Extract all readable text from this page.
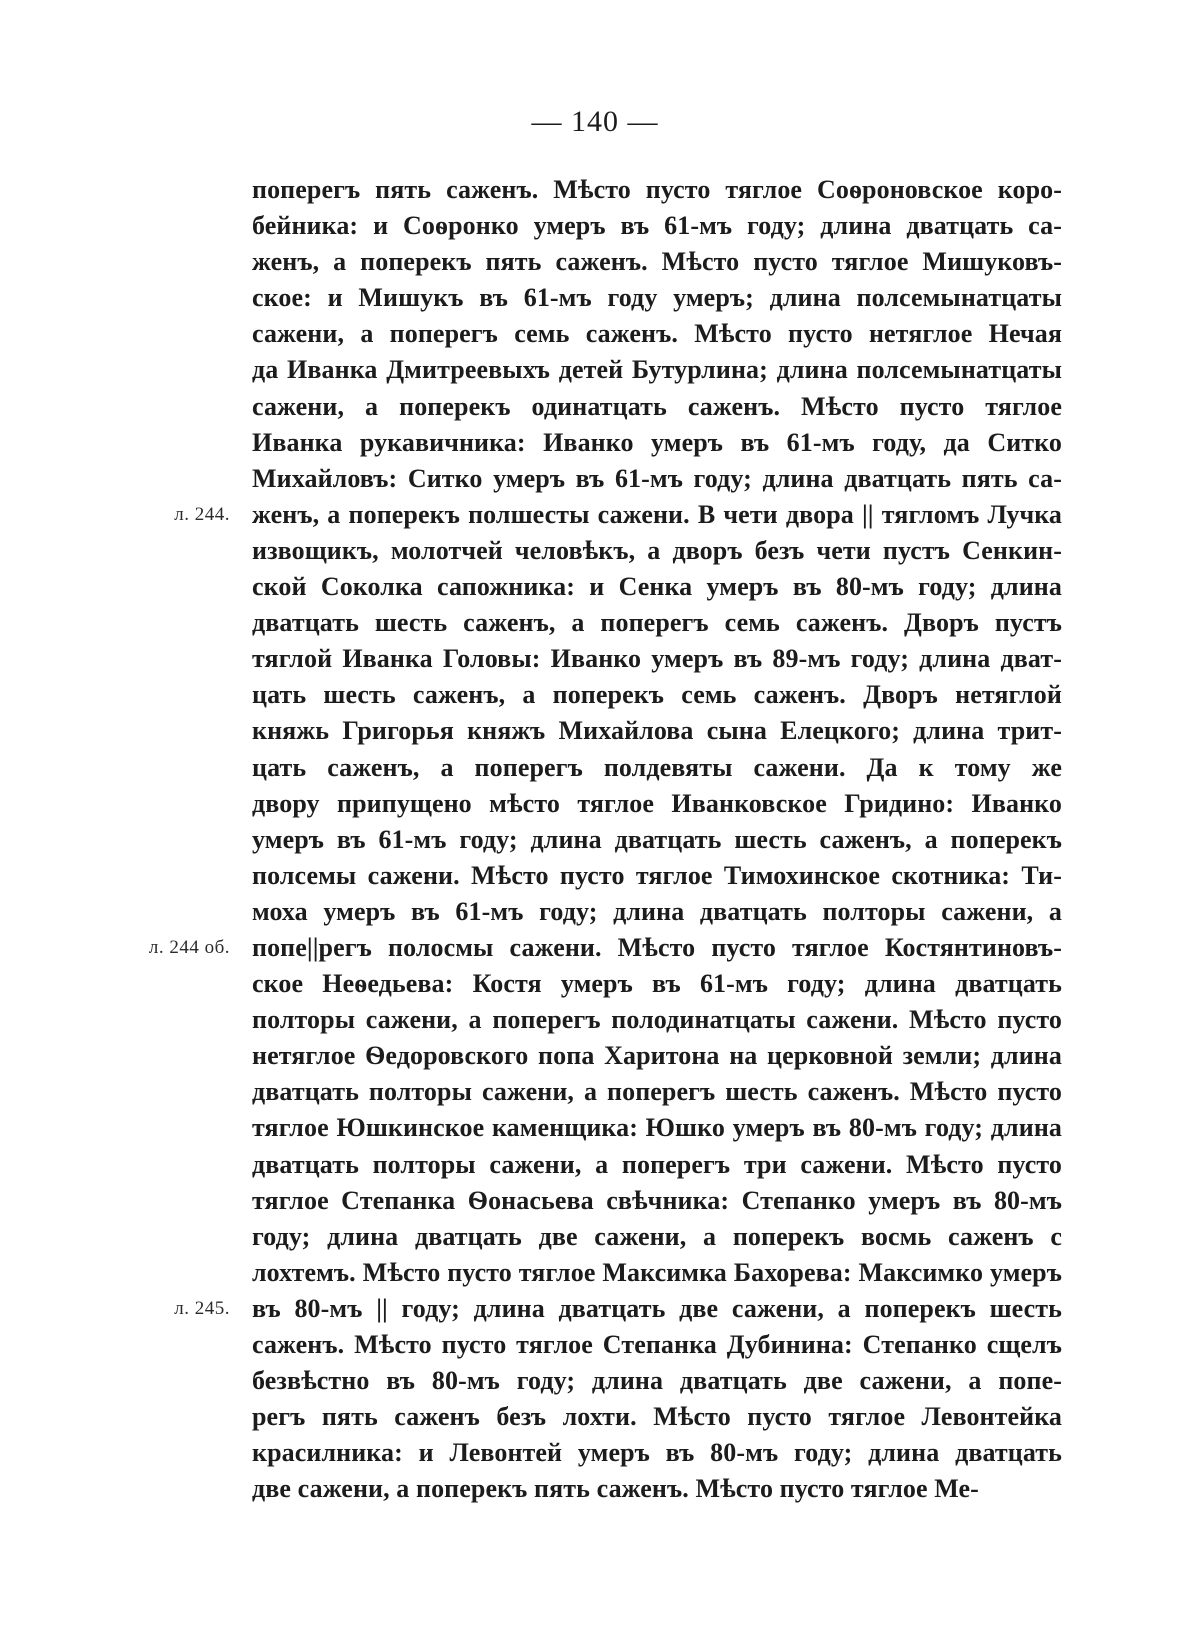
— 140 —
поперегъ пять саженъ. Мѣсто пусто тяглое Соѳроновское коро-
бейника: и Соѳронко умеръ въ 61-мъ году; длина дватцать са-
женъ, а поперекъ пять саженъ. Мѣсто пусто тяглое Мишуковъ-
ское: и Мишукъ въ 61-мъ году умеръ; длина полсемынатцаты
сажени, а поперегъ семь саженъ. Мѣсто пусто нетяглое Нечая
да Иванка Дмитреевыхъ детей Бутурлина; длина полсемынатцаты
сажени, а поперекъ одинатцать саженъ. Мѣсто пусто тяглое
Иванка рукавичника: Иванко умеръ въ 61-мъ году, да Ситко
Михайловъ: Ситко умеръ въ 61-мъ году; длина дватцать пять са-
женъ, а поперекъ полшесты сажени. В чети двора || тягломъ Лучка
извощикъ, молотчей человѣкъ, а дворъ безъ чети пустъ Сенкин-
ской Соколка сапожника: и Сенка умеръ въ 80-мъ году; длина
дватцать шесть саженъ, а поперегъ семь саженъ. Дворъ пустъ
тяглой Иванка Головы: Иванко умеръ въ 89-мъ году; длина дват-
цать шесть саженъ, а поперекъ семь саженъ. Дворъ нетяглой
княжь Григорья княжъ Михайлова сына Елецкого; длина трит-
цать саженъ, а поперегъ полдевяты сажени. Да к тому же
двору припущено мѣсто тяглое Иванковское Гридино: Иванко
умеръ въ 61-мъ году; длина дватцать шесть саженъ, а поперекъ
полсемы сажени. Мѣсто пусто тяглое Тимохинское скотника: Ти-
моха умеръ въ 61-мъ году; длина дватцать полторы сажени, а
попе||регъ полосмы сажени. Мѣсто пусто тяглое Костянтиновъ-
ское Неѳедьева: Костя умеръ въ 61-мъ году; длина дватцать
полторы сажени, а поперегъ полодинатцаты сажени. Мѣсто пусто
нетяглое Ѳедоровского попа Харитона на церковной земли; длина
дватцать полторы сажени, а поперегъ шесть саженъ. Мѣсто пусто
тяглое Юшкинское каменщика: Юшко умеръ въ 80-мъ году; длина
дватцать полторы сажени, а поперегъ три сажени. Мѣсто пусто
тяглое Степанка Ѳонасьева свѣчника: Степанко умеръ въ 80-мъ
году; длина дватцать две сажени, а поперекъ восмь саженъ с
лохтемъ. Мѣсто пусто тяглое Максимка Бахорева: Максимко умеръ
въ 80-мъ || году; длина дватцать две сажени, а поперекъ шесть
саженъ. Мѣсто пусто тяглое Степанка Дубинина: Степанко сщелъ
безвѣстно въ 80-мъ году; длина дватцать две сажени, а попе-
регъ пять саженъ безъ лохти. Мѣсто пусто тяглое Левонтейка
красилника: и Левонтей умеръ въ 80-мъ году; длина дватцать
две сажени, а поперекъ пять саженъ. Мѣсто пусто тяглое Ме-
л. 244.
л. 244 об.
л. 245.
